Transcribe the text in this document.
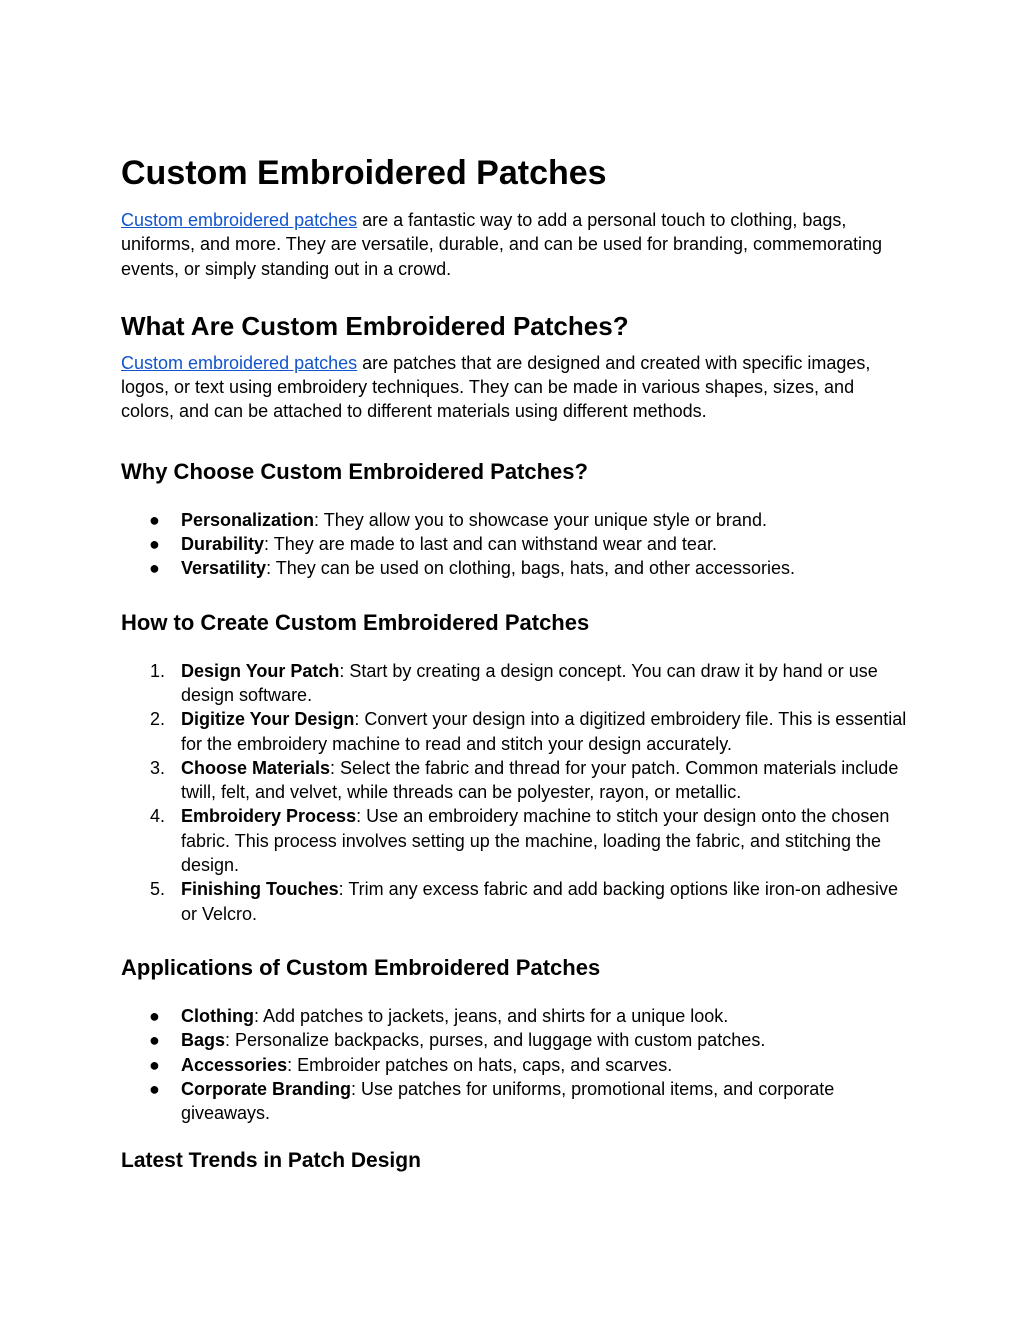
Custom Embroidered Patches

Custom embroidered patches are a fantastic way to add a personal touch to clothing, bags, uniforms, and more. They are versatile, durable, and can be used for branding, commemorating events, or simply standing out in a crowd.

What Are Custom Embroidered Patches?

Custom embroidered patches are patches that are designed and created with specific images, logos, or text using embroidery techniques. They can be made in various shapes, sizes, and colors, and can be attached to different materials using different methods.

Why Choose Custom Embroidered Patches?
●	Personalization: They allow you to showcase your unique style or brand.
●	Durability: They are made to last and can withstand wear and tear.
●	Versatility: They can be used on clothing, bags, hats, and other accessories.
How to Create Custom Embroidered Patches
1. Design Your Patch: Start by creating a design concept. You can draw it by hand or use design software.
2. Digitize Your Design: Convert your design into a digitized embroidery file. This is essential for the embroidery machine to read and stitch your design accurately.
3. Choose Materials: Select the fabric and thread for your patch. Common materials include twill, felt, and velvet, while threads can be polyester, rayon, or metallic.
4. Embroidery Process: Use an embroidery machine to stitch your design onto the chosen fabric. This process involves setting up the machine, loading the fabric, and stitching the design.
5. Finishing Touches: Trim any excess fabric and add backing options like iron-on adhesive or Velcro.
Applications of Custom Embroidered Patches
●	Clothing: Add patches to jackets, jeans, and shirts for a unique look.
●	Bags: Personalize backpacks, purses, and luggage with custom patches.
●	Accessories: Embroider patches on hats, caps, and scarves.
●	Corporate Branding: Use patches for uniforms, promotional items, and corporate giveaways.
Latest Trends in Patch Design
